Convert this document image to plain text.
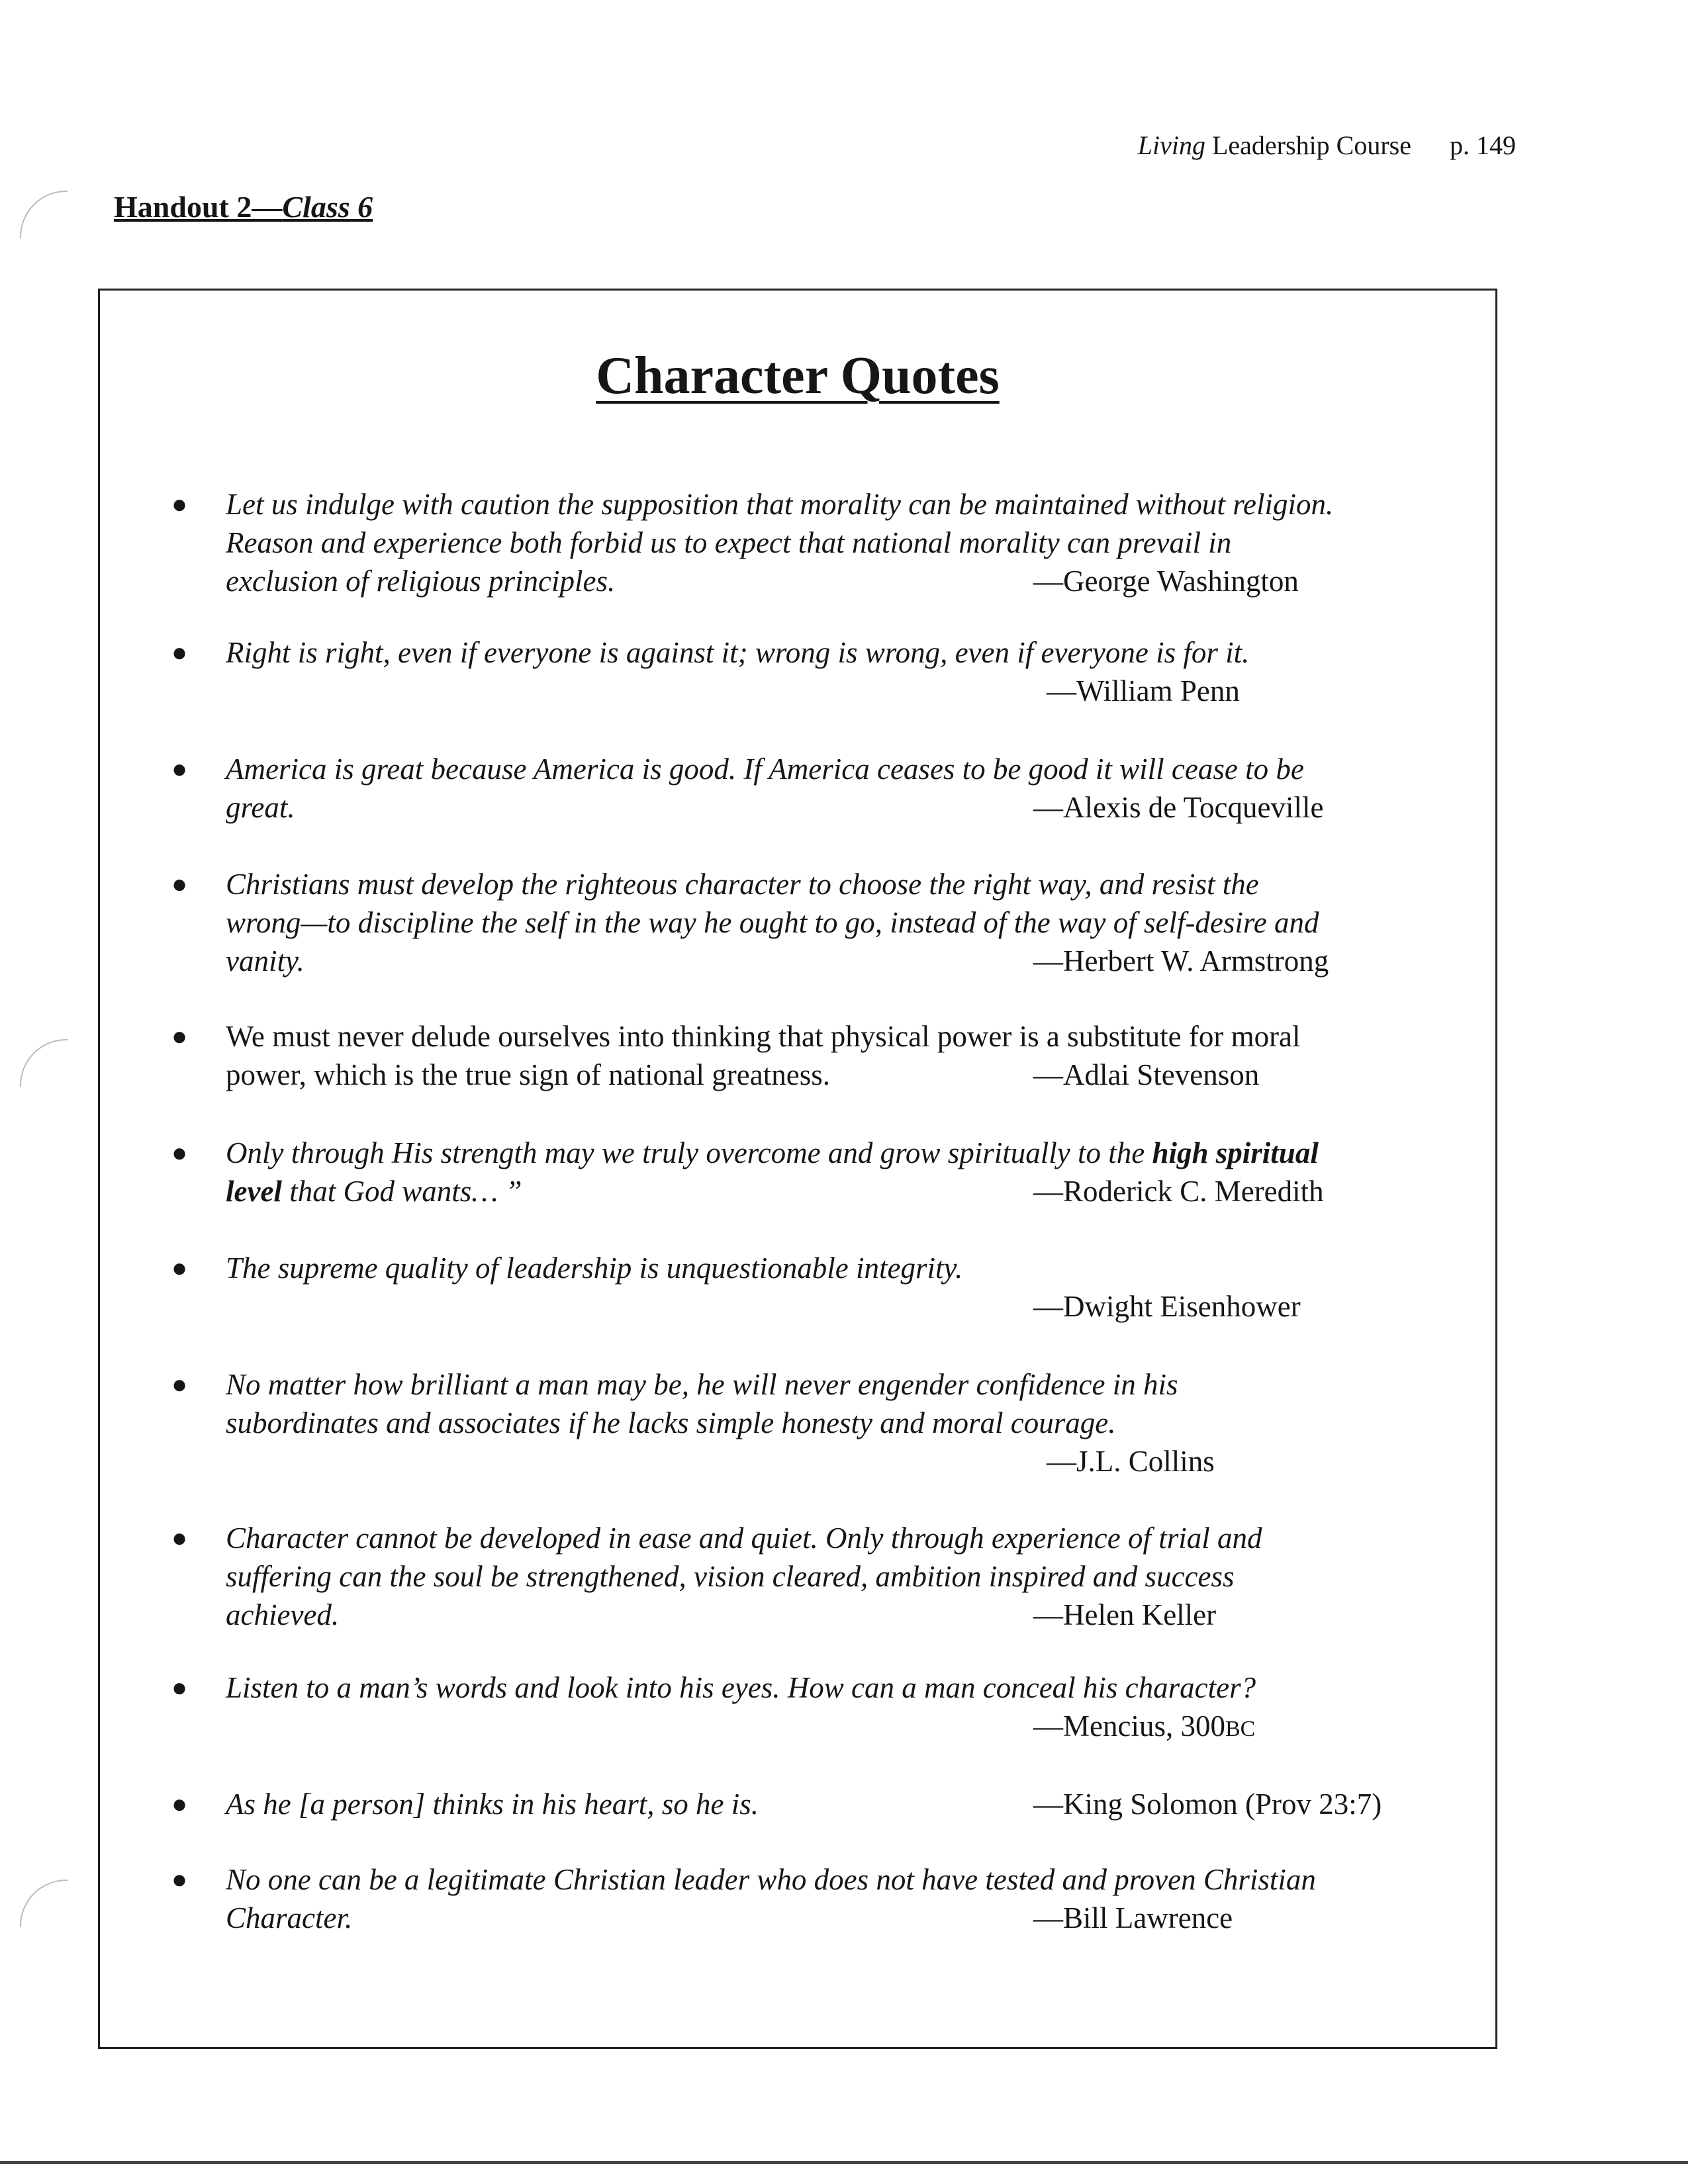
Living Leadership Course p. 149
Handout 2—Class 6
Character Quotes
● Let us indulge with caution the supposition that morality can be maintained without religion.
Reason and experience both forbid us to expect that national morality can prevail in
exclusion of religious principles.	—George Washington
● Right is right, even if everyone is against it; wrong is wrong, even if everyone is for it.
—William Penn
● America is great because America is good. If America ceases to be good it will cease to be
great.	—Alexis de Tocqueville
● Christians must develop the righteous character to choose the right way, and resist the
wrong—to discipline the self in the way he ought to go, instead of the way of self-desire and
vanity.	—Herbert W. Armstrong
● We must never delude ourselves into thinking that physical power is a substitute for moral
power, which is the true sign of national greatness.	—Adlai Stevenson
● Only through His strength may we truly overcome and grow spiritually to the high spiritual
level that God wants… ”	—Roderick C. Meredith
● The supreme quality of leadership is unquestionable integrity.
—Dwight Eisenhower
● No matter how brilliant a man may be, he will never engender confidence in his
subordinates and associates if he lacks simple honesty and moral courage.
—J.L. Collins
● Character cannot be developed in ease and quiet. Only through experience of trial and
suffering can the soul be strengthened, vision cleared, ambition inspired and success
achieved.	—Helen Keller
● Listen to a man’s words and look into his eyes. How can a man conceal his character?
—Mencius, 300BC
● As he [a person] thinks in his heart, so he is.	—King Solomon (Prov 23:7)
● No one can be a legitimate Christian leader who does not have tested and proven Christian
Character.	—Bill Lawrence
